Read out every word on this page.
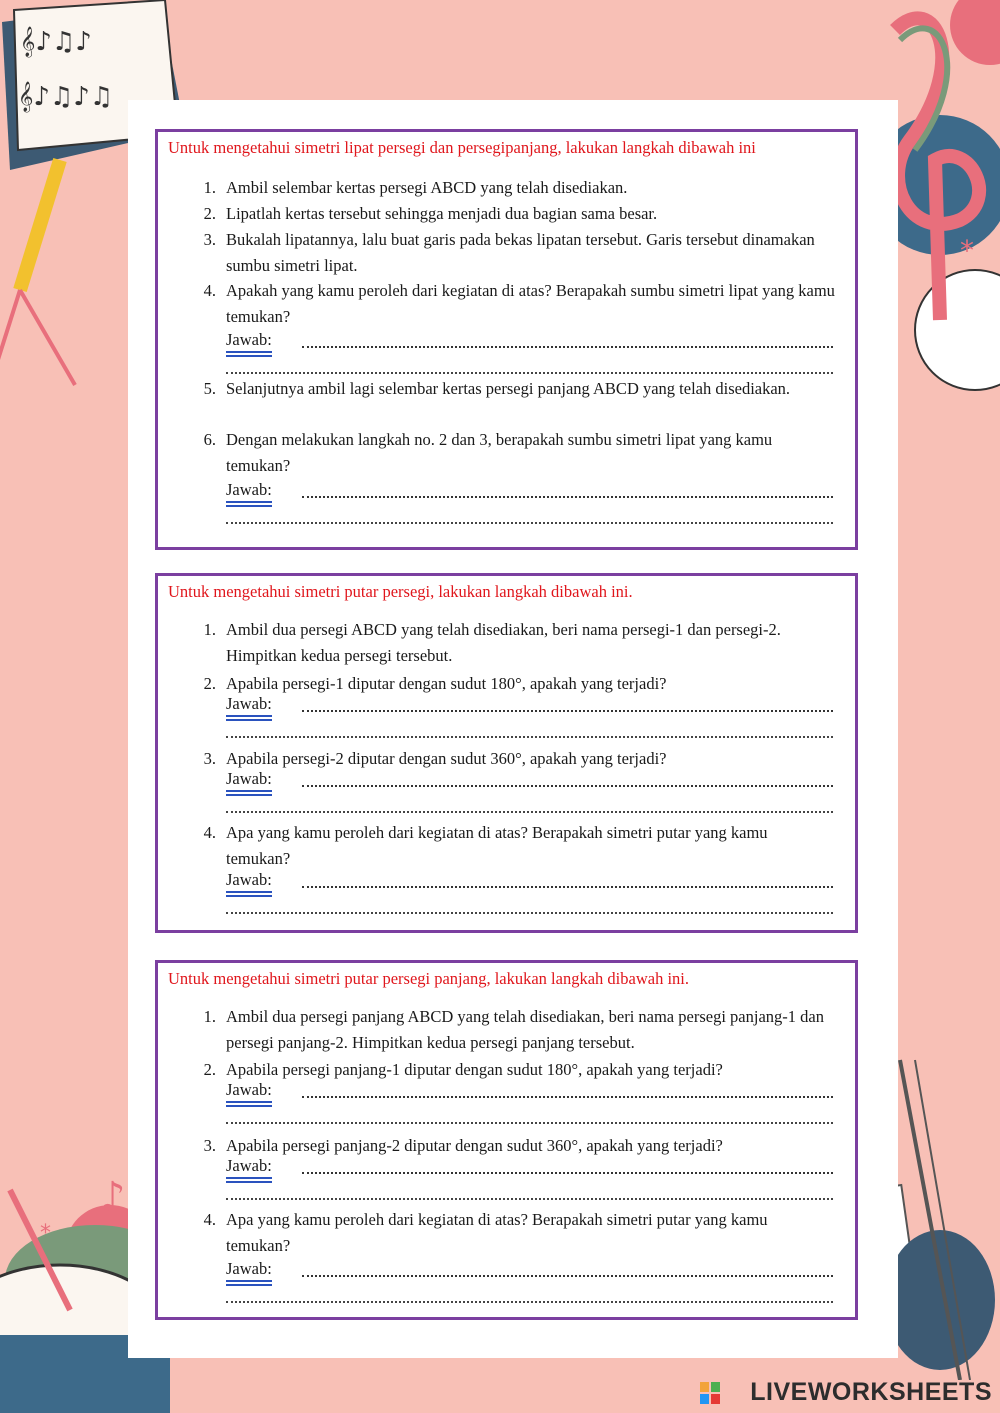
𝄞♪♫♪
𝄞♪♫♪♫
*
♪
*
Untuk mengetahui simetri lipat persegi dan persegipanjang, lakukan langkah dibawah ini
1. Ambil selembar kertas persegi ABCD yang telah disediakan.
2. Lipatlah kertas tersebut sehingga menjadi dua bagian sama besar.
3. Bukalah lipatannya, lalu buat garis pada bekas lipatan tersebut. Garis tersebut dinamakan sumbu simetri lipat.
4. Apakah yang kamu peroleh dari kegiatan di atas? Berapakah sumbu simetri lipat yang kamu temukan?
Jawab:
5. Selanjutnya ambil lagi selembar kertas persegi panjang ABCD yang telah disediakan.
6. Dengan melakukan langkah no. 2 dan 3, berapakah sumbu simetri lipat yang kamu temukan?
Jawab:
Untuk mengetahui simetri putar persegi, lakukan langkah dibawah ini.
1. Ambil dua persegi ABCD yang telah disediakan, beri nama persegi-1 dan persegi-2. Himpitkan kedua persegi tersebut.
2. Apabila persegi-1 diputar dengan sudut 180°, apakah yang terjadi?
Jawab:
3. Apabila persegi-2 diputar dengan sudut 360°, apakah yang terjadi?
Jawab:
4. Apa yang kamu peroleh dari kegiatan di atas? Berapakah simetri putar yang kamu temukan?
Jawab:
Untuk mengetahui simetri putar persegi panjang, lakukan langkah dibawah ini.
1. Ambil dua persegi panjang ABCD yang telah disediakan, beri nama persegi panjang-1 dan persegi panjang-2. Himpitkan kedua persegi panjang tersebut.
2. Apabila persegi panjang-1 diputar dengan sudut 180°, apakah yang terjadi?
Jawab:
3. Apabila persegi panjang-2 diputar dengan sudut 360°, apakah yang terjadi?
Jawab:
4. Apa yang kamu peroleh dari kegiatan di atas? Berapakah simetri putar yang kamu temukan?
Jawab:
LIVEWORKSHEETS
